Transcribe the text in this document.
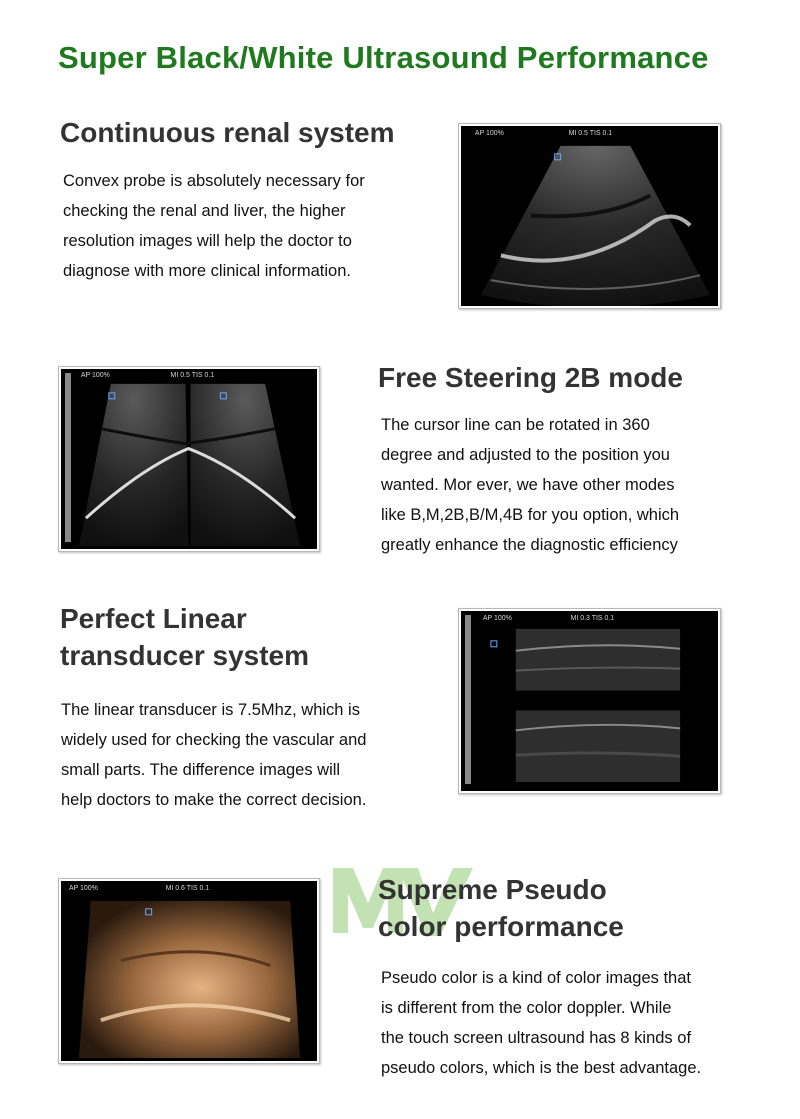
Super Black/White Ultrasound Performance
Continuous renal system
Convex probe is absolutely necessary for
checking the renal and liver, the higher
resolution images will help the doctor to
diagnose with more clinical information.
AP 100%	MI 0.5 TIS 0.1
AP 100%	MI 0.5 TIS 0.1	Free Steering 2B mode
The cursor line can be rotated in 360
degree and adjusted to the position you
wanted. Mor ever, we have other modes
like B,M,2B,B/M,4B for you option, which
greatly enhance the diagnostic efficiency
Perfect Linear
transducer system
The linear transducer is 7.5Mhz, which is
widely used for checking the vascular and
small parts. The difference images will
help doctors to make the correct decision.
AP 100%	MI 0.3 TIS 0.1
AP 100%	MI 0.6 TIS 0.1	Supreme Pseudo
color performance
Pseudo color is a kind of color images that
is different from the color doppler. While
the touch screen ultrasound has 8 kinds of
pseudo colors, which is the best advantage.
